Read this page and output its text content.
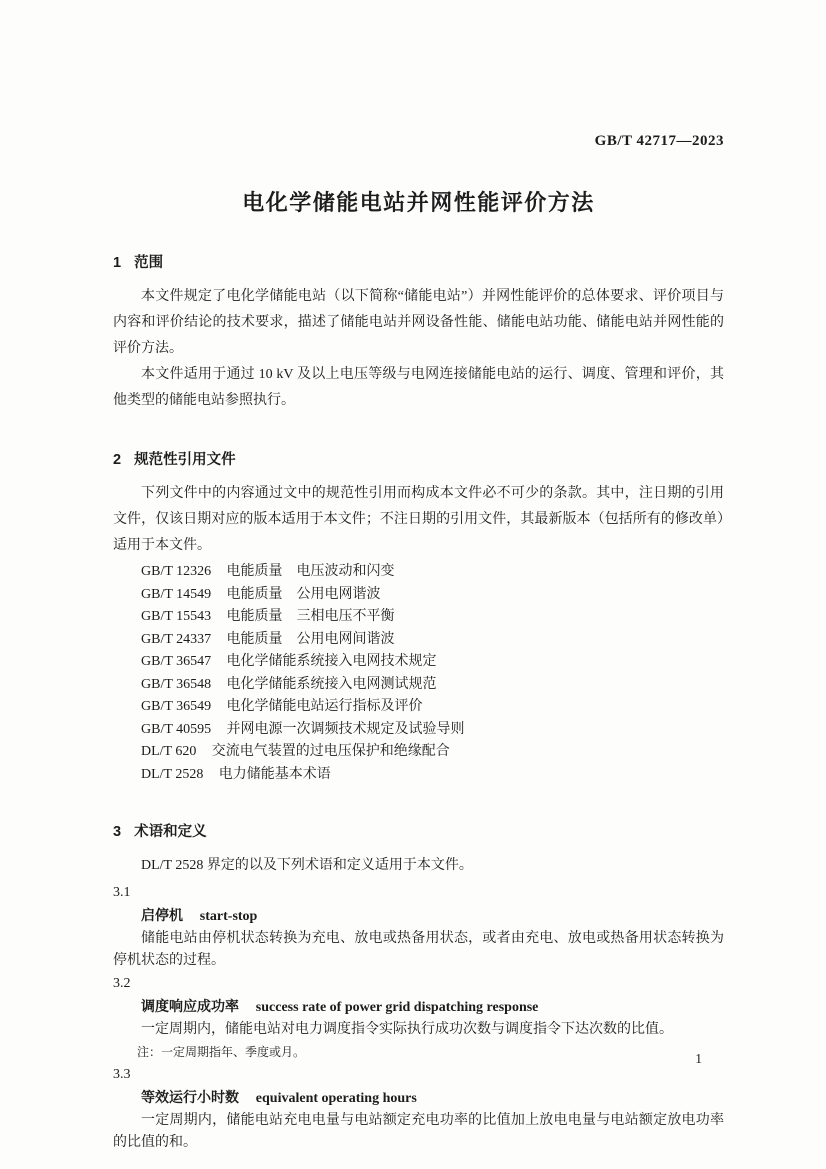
GB/T 42717—2023
电化学储能电站并网性能评价方法
1 范围

本文件规定了电化学储能电站（以下简称“储能电站”）并网性能评价的总体要求、评价项目与内容和评价结论的技术要求，描述了储能电站并网设备性能、储能电站功能、储能电站并网性能的评价方法。

本文件适用于通过 10 kV 及以上电压等级与电网连接储能电站的运行、调度、管理和评价，其他类型的储能电站参照执行。

2 规范性引用文件

下列文件中的内容通过文中的规范性引用而构成本文件必不可少的条款。其中，注日期的引用文件，仅该日期对应的版本适用于本文件；不注日期的引用文件，其最新版本（包括所有的修改单）适用于本文件。

GB/T 12326 电能质量　电压波动和闪变
GB/T 14549 电能质量　公用电网谐波
GB/T 15543 电能质量　三相电压不平衡
GB/T 24337 电能质量　公用电网间谐波
GB/T 36547 电化学储能系统接入电网技术规定
GB/T 36548 电化学储能系统接入电网测试规范
GB/T 36549 电化学储能电站运行指标及评价
GB/T 40595 并网电源一次调频技术规定及试验导则
DL/T 620 交流电气装置的过电压保护和绝缘配合
DL/T 2528 电力储能基本术语
3 术语和定义

DL/T 2528 界定的以及下列术语和定义适用于本文件。

3.1
启停机 start-stop

储能电站由停机状态转换为充电、放电或热备用状态，或者由充电、放电或热备用状态转换为停机状态的过程。

3.2
调度响应成功率 success rate of power grid dispatching response

一定周期内，储能电站对电力调度指令实际执行成功次数与调度指令下达次数的比值。

注：一定周期指年、季度或月。
3.3
等效运行小时数 equivalent operating hours

一定周期内，储能电站充电电量与电站额定充电功率的比值加上放电电量与电站额定放电功率的比值的和。

1
